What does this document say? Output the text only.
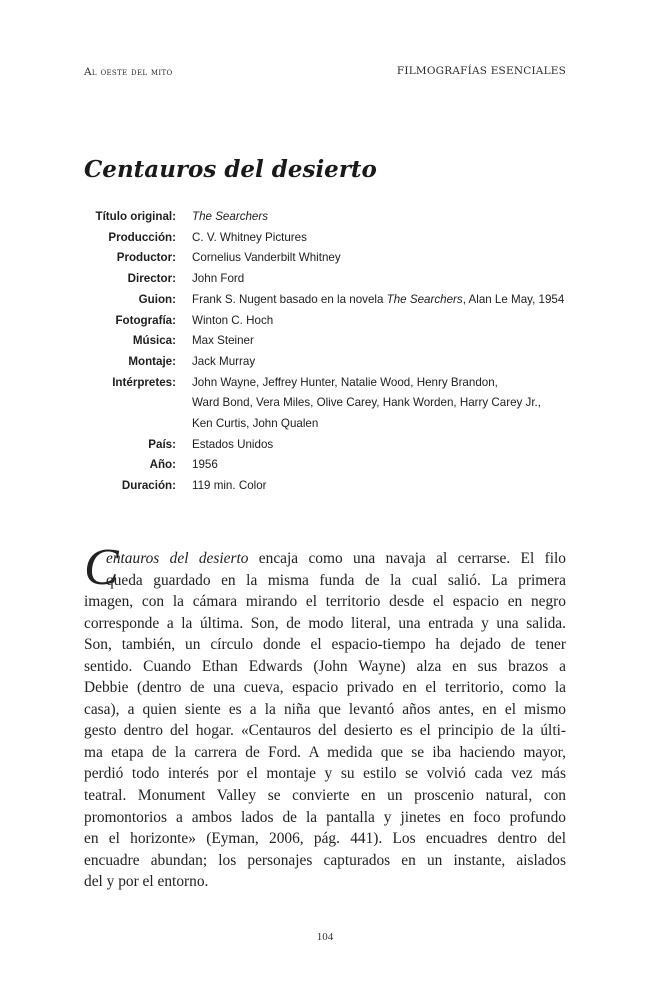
Al oeste del mito	FILMOGRAFÍAS ESENCIALES
Centauros del desierto
Título original: The Searchers
Producción: C. V. Whitney Pictures
Productor: Cornelius Vanderbilt Whitney
Director: John Ford
Guion: Frank S. Nugent basado en la novela The Searchers, Alan Le May, 1954
Fotografía: Winton C. Hoch
Música: Max Steiner
Montaje: Jack Murray
Intérpretes: John Wayne, Jeffrey Hunter, Natalie Wood, Henry Brandon,
Ward Bond, Vera Miles, Olive Carey, Hank Worden, Harry Carey Jr.,
Ken Curtis, John Qualen
País: Estados Unidos
Año: 1956
Duración: 119 min. Color
C
entauros del desierto encaja como una navaja al cerrarse. El filo
queda guardado en la misma funda de la cual salió. La primera
imagen, con la cámara mirando el territorio desde el espacio en negro
corresponde a la última. Son, de modo literal, una entrada y una salida.
Son, también, un círculo donde el espacio-tiempo ha dejado de tener
sentido. Cuando Ethan Edwards (John Wayne) alza en sus brazos a
Debbie (dentro de una cueva, espacio privado en el territorio, como la
casa), a quien siente es a la niña que levantó años antes, en el mismo
gesto dentro del hogar. «Centauros del desierto es el principio de la últi-
ma etapa de la carrera de Ford. A medida que se iba haciendo mayor,
perdió todo interés por el montaje y su estilo se volvió cada vez más
teatral. Monument Valley se convierte en un proscenio natural, con
promontorios a ambos lados de la pantalla y jinetes en foco profundo
en el horizonte» (Eyman, 2006, pág. 441). Los encuadres dentro del
encuadre abundan; los personajes capturados en un instante, aislados
del y por el entorno.
104
